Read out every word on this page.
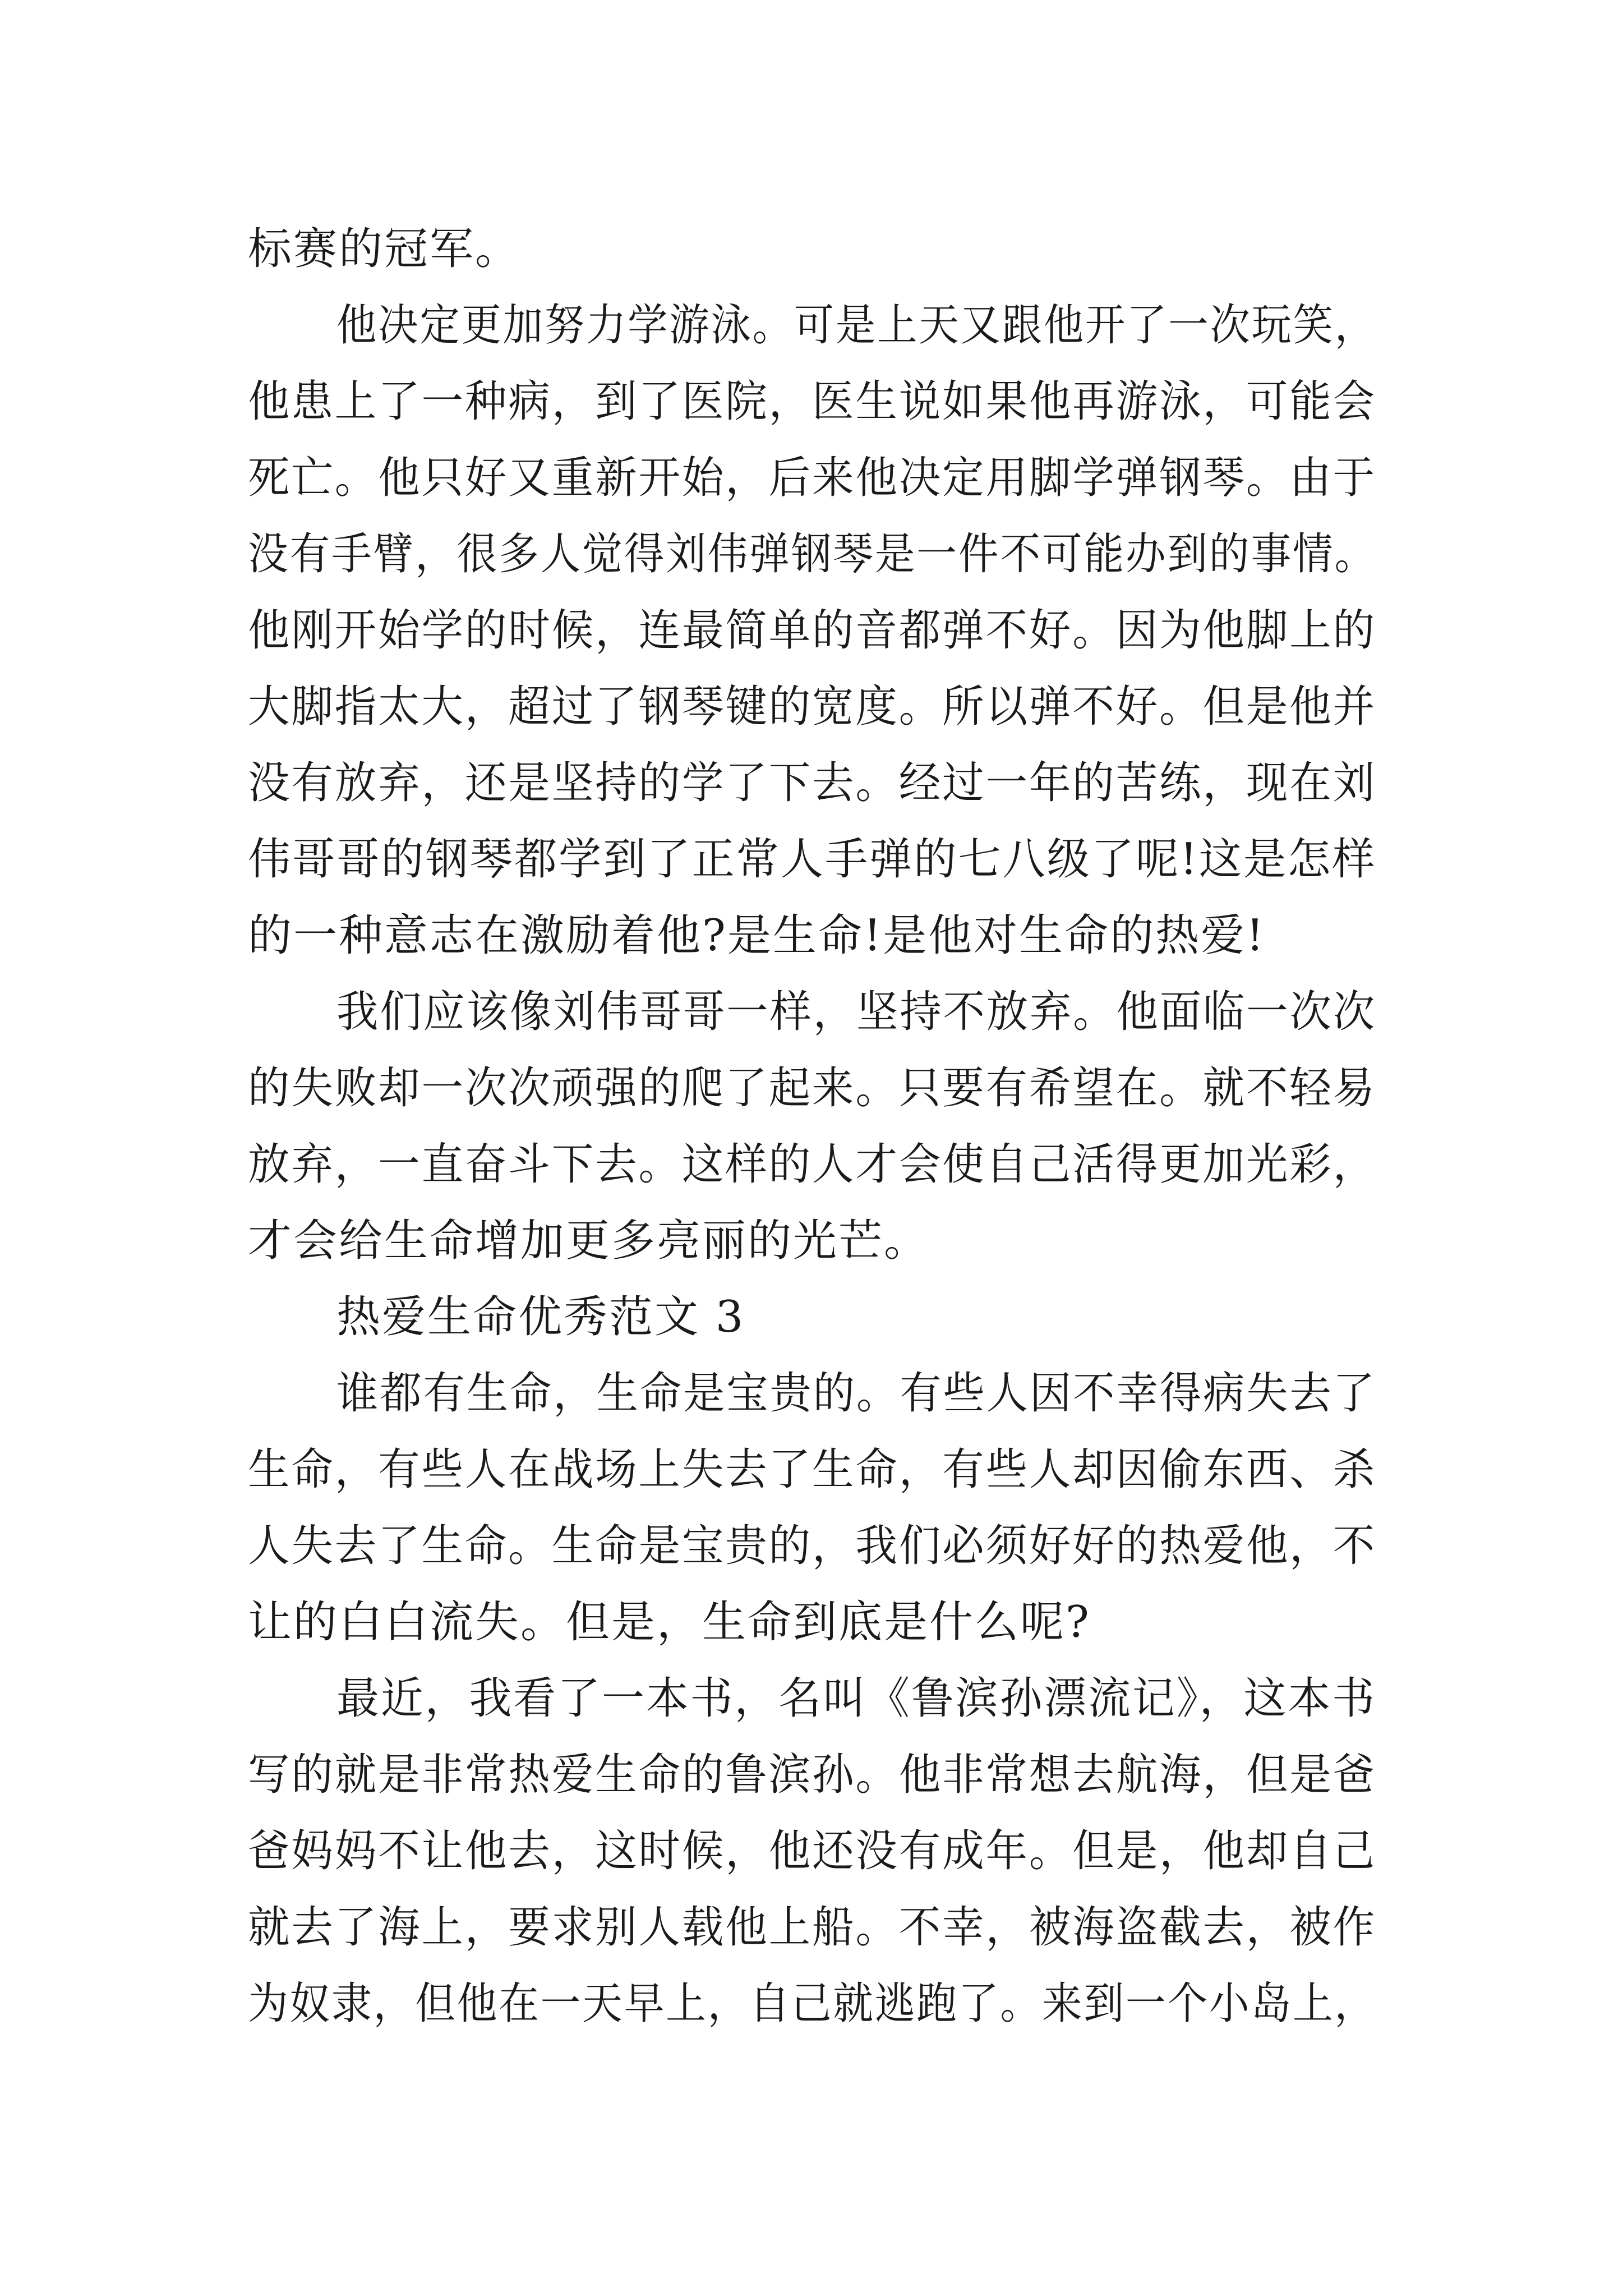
标赛的冠军。
他决定更加努力学游泳。可是上天又跟他开了一次玩笑，
他患上了一种病，到了医院，医生说如果他再游泳，可能会
死亡。他只好又重新开始，后来他决定用脚学弹钢琴。由于
没有手臂，很多人觉得刘伟弹钢琴是一件不可能办到的事情。
他刚开始学的时候，连最简单的音都弹不好。因为他脚上的
大脚指太大，超过了钢琴键的宽度。所以弹不好。但是他并
没有放弃，还是坚持的学了下去。经过一年的苦练，现在刘
伟哥哥的钢琴都学到了正常人手弹的七八级了呢!这是怎样
的一种意志在激励着他?是生命!是他对生命的热爱!
我们应该像刘伟哥哥一样，坚持不放弃。他面临一次次
的失败却一次次顽强的爬了起来。只要有希望在。就不轻易
放弃，一直奋斗下去。这样的人才会使自己活得更加光彩，
才会给生命增加更多亮丽的光芒。
热爱生命优秀范文 3
谁都有生命，生命是宝贵的。有些人因不幸得病失去了
生命，有些人在战场上失去了生命，有些人却因偷东西、杀
人失去了生命。生命是宝贵的，我们必须好好的热爱他，不
让的白白流失。但是，生命到底是什么呢?
最近，我看了一本书，名叫《鲁滨孙漂流记》，这本书
写的就是非常热爱生命的鲁滨孙。他非常想去航海，但是爸
爸妈妈不让他去，这时候，他还没有成年。但是，他却自己
就去了海上，要求别人载他上船。不幸，被海盗截去，被作
为奴隶，但他在一天早上，自己就逃跑了。来到一个小岛上，
